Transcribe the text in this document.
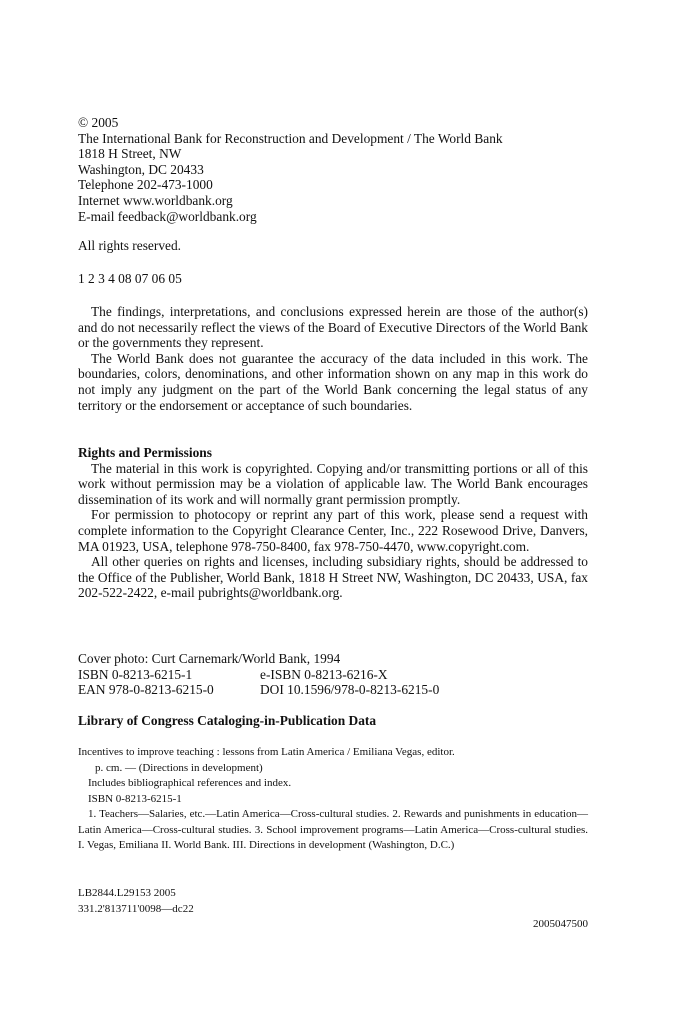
© 2005
The International Bank for Reconstruction and Development / The World Bank
1818 H Street, NW
Washington, DC 20433
Telephone 202-473-1000
Internet www.worldbank.org
E-mail feedback@worldbank.org
All rights reserved.
1 2 3 4 08 07 06 05

The findings, interpretations, and conclusions expressed herein are those of the author(s) and do not necessarily reflect the views of the Board of Executive Directors of the World Bank or the governments they represent.

The World Bank does not guarantee the accuracy of the data included in this work. The boundaries, colors, denominations, and other information shown on any map in this work do not imply any judgment on the part of the World Bank concerning the legal status of any territory or the endorsement or acceptance of such boundaries.

Rights and Permissions

The material in this work is copyrighted. Copying and/or transmitting portions or all of this work without permission may be a violation of applicable law. The World Bank encourages dissemination of its work and will normally grant permission promptly.

For permission to photocopy or reprint any part of this work, please send a request with complete information to the Copyright Clearance Center, Inc., 222 Rosewood Drive, Danvers, MA 01923, USA, telephone 978-750-8400, fax 978-750-4470, www.copyright.com.

All other queries on rights and licenses, including subsidiary rights, should be addressed to the Office of the Publisher, World Bank, 1818 H Street NW, Washington, DC 20433, USA, fax 202-522-2422, e-mail pubrights@worldbank.org.

Cover photo: Curt Carnemark/World Bank, 1994
ISBN 0-8213-6215-1	e-ISBN 0-8213-6216-X
EAN 978-0-8213-6215-0	DOI 10.1596/978-0-8213-6215-0
Library of Congress Cataloging-in-Publication Data
Incentives to improve teaching : lessons from Latin America / Emiliana Vegas, editor.
p. cm. — (Directions in development)
Includes bibliographical references and index.
ISBN 0-8213-6215-1
1. Teachers—Salaries, etc.—Latin America—Cross-cultural studies. 2. Rewards and punishments in education—Latin America—Cross-cultural studies. 3. School improvement programs—Latin America—Cross-cultural studies. I. Vegas, Emiliana II. World Bank. III. Directions in development (Washington, D.C.)
LB2844.L29153 2005
331.2'813711'0098—dc22
2005047500
